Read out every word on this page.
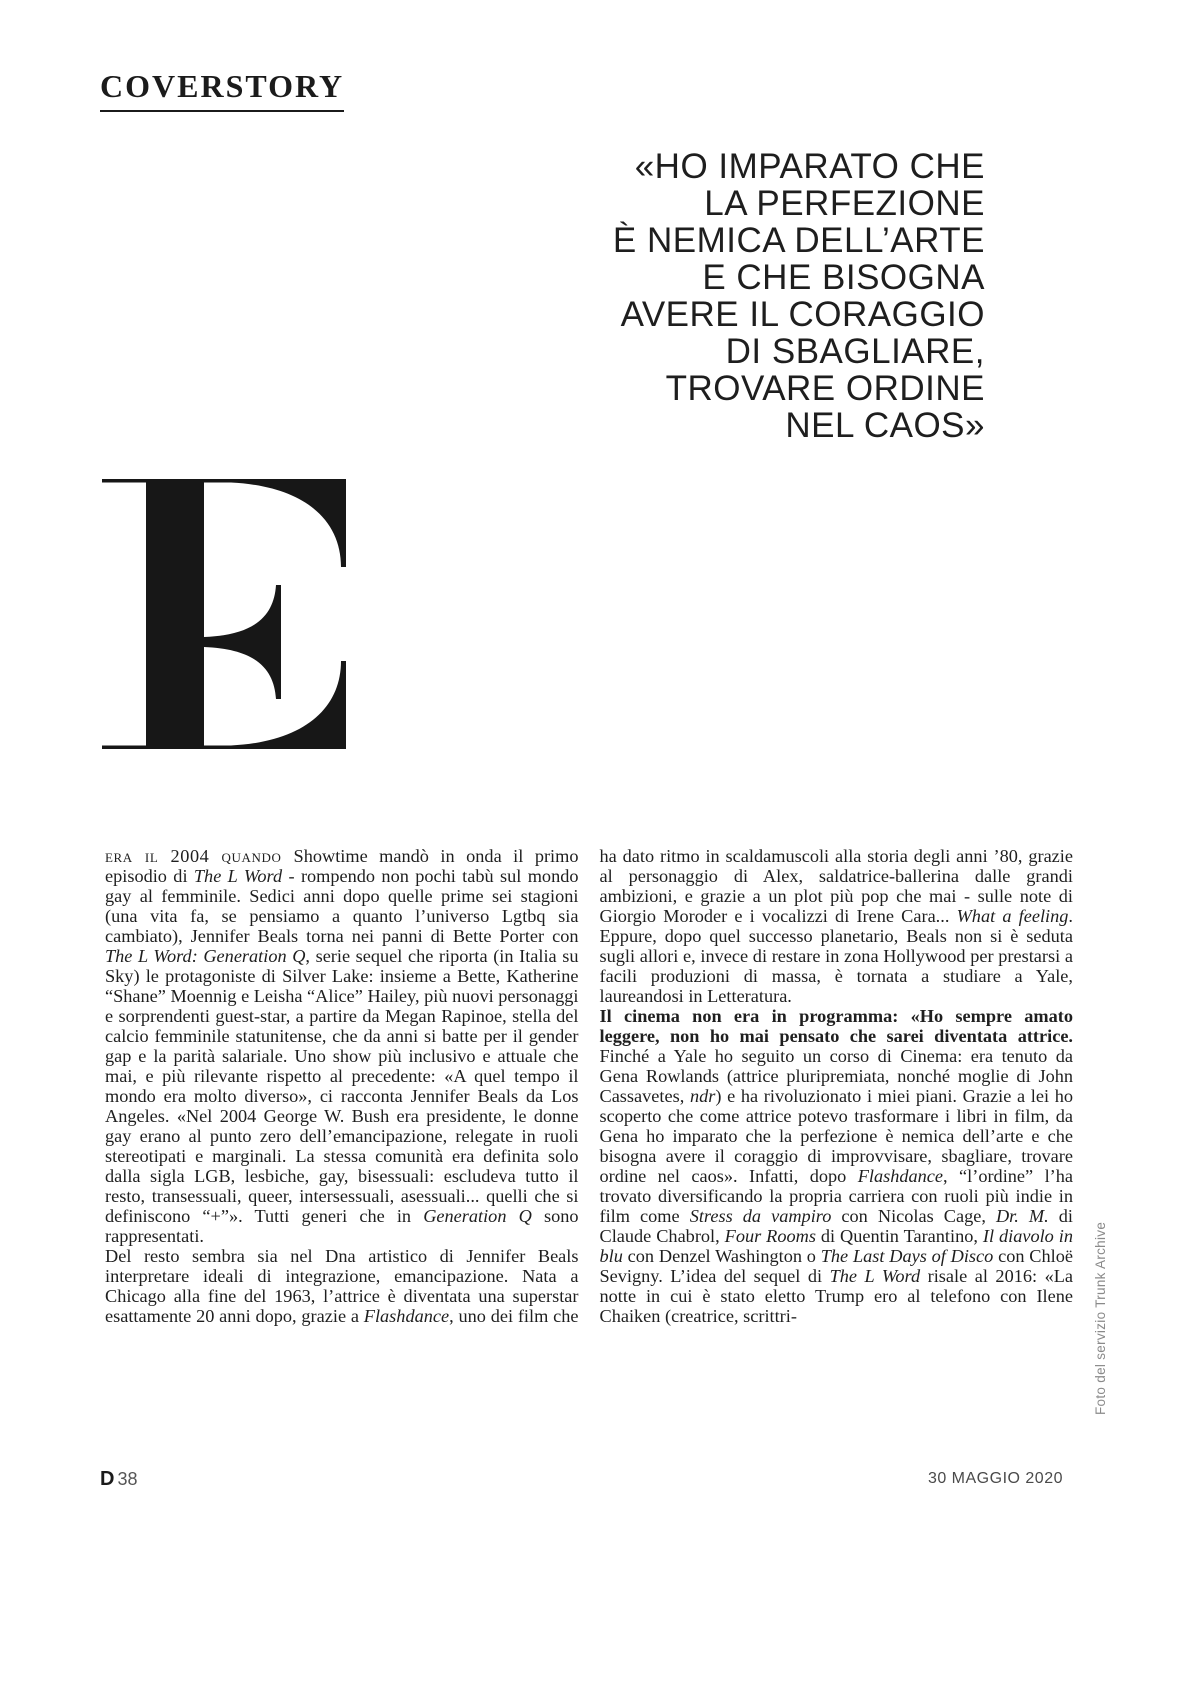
COVERSTORY
«HO IMPARATO CHE
LA PERFEZIONE
È NEMICA DELL’ARTE
E CHE BISOGNA
AVERE IL CORAGGIO
DI SBAGLIARE,
TROVARE ORDINE
NEL CAOS»

era il 2004 quando Showtime mandò in onda il primo episodio di The L Word - rompendo non pochi tabù sul mondo gay al femminile. Sedici anni dopo quelle prime sei stagioni (una vita fa, se pensiamo a quanto l’universo Lgtbq sia cambiato), Jennifer Beals torna nei panni di Bette Porter con The L Word: Generation Q, serie sequel che riporta (in Italia su Sky) le protagoniste di Silver Lake: insieme a Bette, Katherine “Shane” Moennig e Leisha “Alice” Hailey, più nuovi personaggi e sorprendenti guest-star, a partire da Megan Rapinoe, stella del calcio femminile statunitense, che da anni si batte per il gender gap e la parità salariale. Uno show più inclusivo e attuale che mai, e più rilevante rispetto al precedente: «A quel tempo il mondo era molto diverso», ci racconta Jennifer Beals da Los Angeles. «Nel 2004 George W. Bush era presidente, le donne gay erano al punto zero dell’emancipazione, relegate in ruoli stereotipati e marginali. La stessa comunità era definita solo dalla sigla LGB, lesbiche, gay, bisessuali: escludeva tutto il resto, transessuali, queer, intersessuali, asessuali... quelli che si definiscono “+”». Tutti generi che in Generation Q sono rappresentati.

Del resto sembra sia nel Dna artistico di Jennifer Beals interpretare ideali di integrazione, emancipazione. Nata a Chicago alla fine del 1963, l’attrice è diventata una superstar esattamente 20 anni dopo, grazie a Flashdance, uno dei film che ha dato ritmo in scaldamuscoli alla storia degli anni ’80, grazie al personaggio di Alex, saldatrice-ballerina dalle grandi ambizioni, e grazie a un plot più pop che mai - sulle note di Giorgio Moroder e i vocalizzi di Irene Cara... What a feeling. Eppure, dopo quel successo planetario, Beals non si è seduta sugli allori e, invece di restare in zona Hollywood per prestarsi a facili produzioni di massa, è tornata a studiare a Yale, laureandosi in Letteratura.

Il cinema non era in programma: «Ho sempre amato leggere, non ho mai pensato che sarei diventata attrice. Finché a Yale ho seguito un corso di Cinema: era tenuto da Gena Rowlands (attrice pluripremiata, nonché moglie di John Cassavetes, ndr) e ha rivoluzionato i miei piani. Grazie a lei ho scoperto che come attrice potevo trasformare i libri in film, da Gena ho imparato che la perfezione è nemica dell’arte e che bisogna avere il coraggio di improvvisare, sbagliare, trovare ordine nel caos». Infatti, dopo Flashdance, “l’ordine” l’ha trovato diversificando la propria carriera con ruoli più indie in film come Stress da vampiro con Nicolas Cage, Dr. M. di Claude Chabrol, Four Rooms di Quentin Tarantino, Il diavolo in blu con Denzel Washington o The Last Days of Disco con Chloë Sevigny. L’idea del sequel di The L Word risale al 2016: «La notte in cui è stato eletto Trump ero al telefono con Ilene Chaiken (creatrice, scrittri-

D 38	30 MAGGIO 2020
Foto del servizio Trunk Archive
